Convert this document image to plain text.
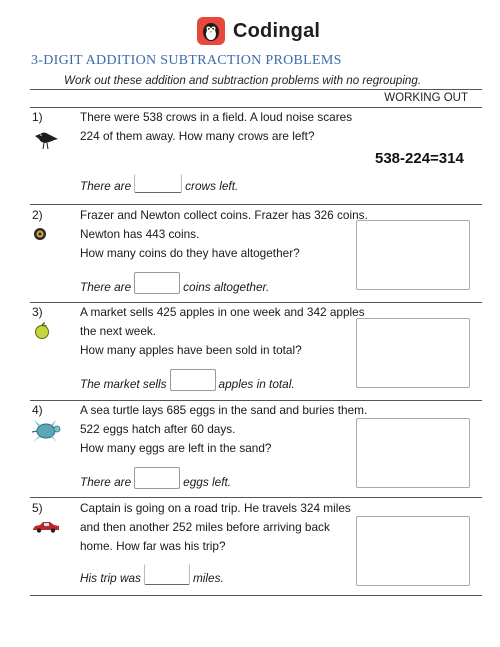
Codingal
3-DIGIT ADDITION SUBTRACTION PROBLEMS
Work out these addition and subtraction problems with no regrouping.
WORKING OUT
1)	There were 538 crows in a field. A loud noise scares
224 of them away. How many crows are left?
538-224=314
There are	crows left.
2)	Frazer and Newton collect coins. Frazer has 326 coins.
Newton has 443 coins.
How many coins do they have altogether?
There are	coins altogether.
3)	A market sells 425 apples in one week and 342 apples
the next week.
How many apples have been sold in total?
The market sells	apples in total.
4)	A sea turtle lays 685 eggs in the sand and buries them.
522 eggs hatch after 60 days.
How many eggs are left in the sand?
There are	eggs left.
5)	Captain is going on a road trip. He travels 324 miles
and then another 252 miles before arriving back
home. How far was his trip?
His trip was	miles.
